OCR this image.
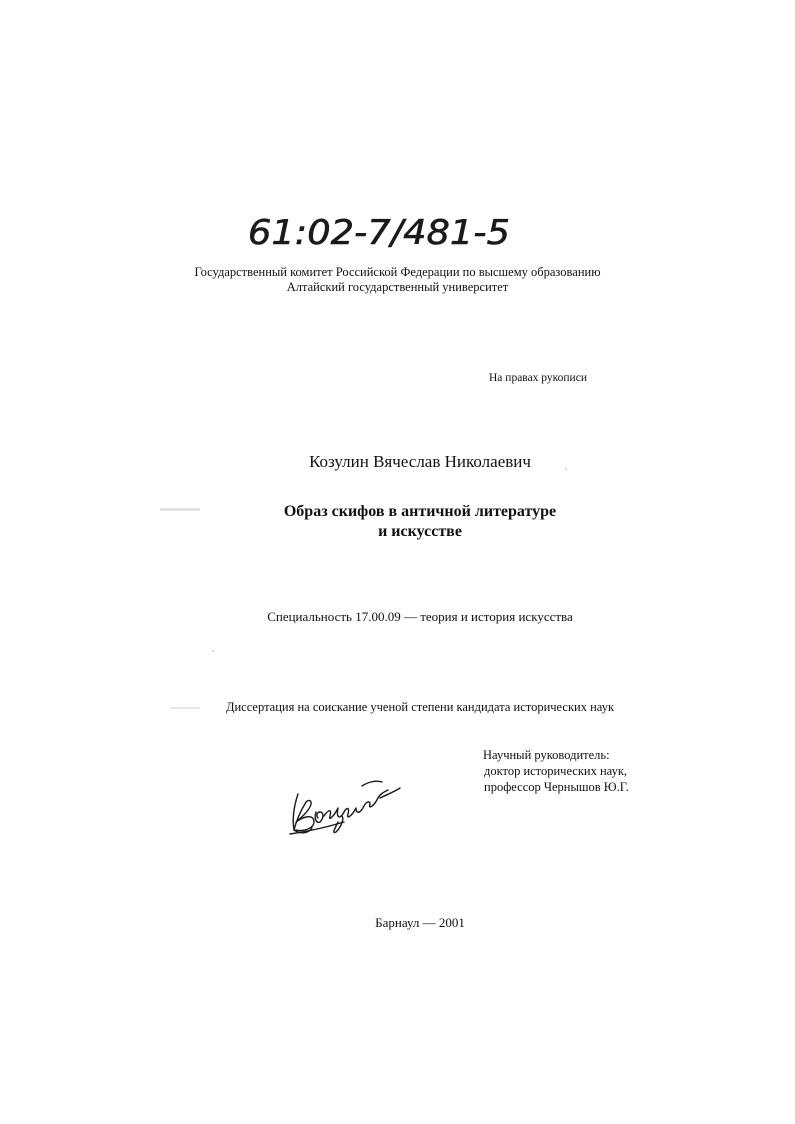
61:02-7/481-5
Государственный комитет Российской Федерации по высшему образованию
Алтайский государственный университет
На правах рукописи
Козулин Вячеслав Николаевич
Образ скифов в античной литературе
и искусстве
Специальность 17.00.09 — теория и история искусства
Диссертация на соискание ученой степени кандидата исторических наук
Научный руководитель:
доктор исторических наук,
профессор Чернышов Ю.Г.
Барнаул — 2001
